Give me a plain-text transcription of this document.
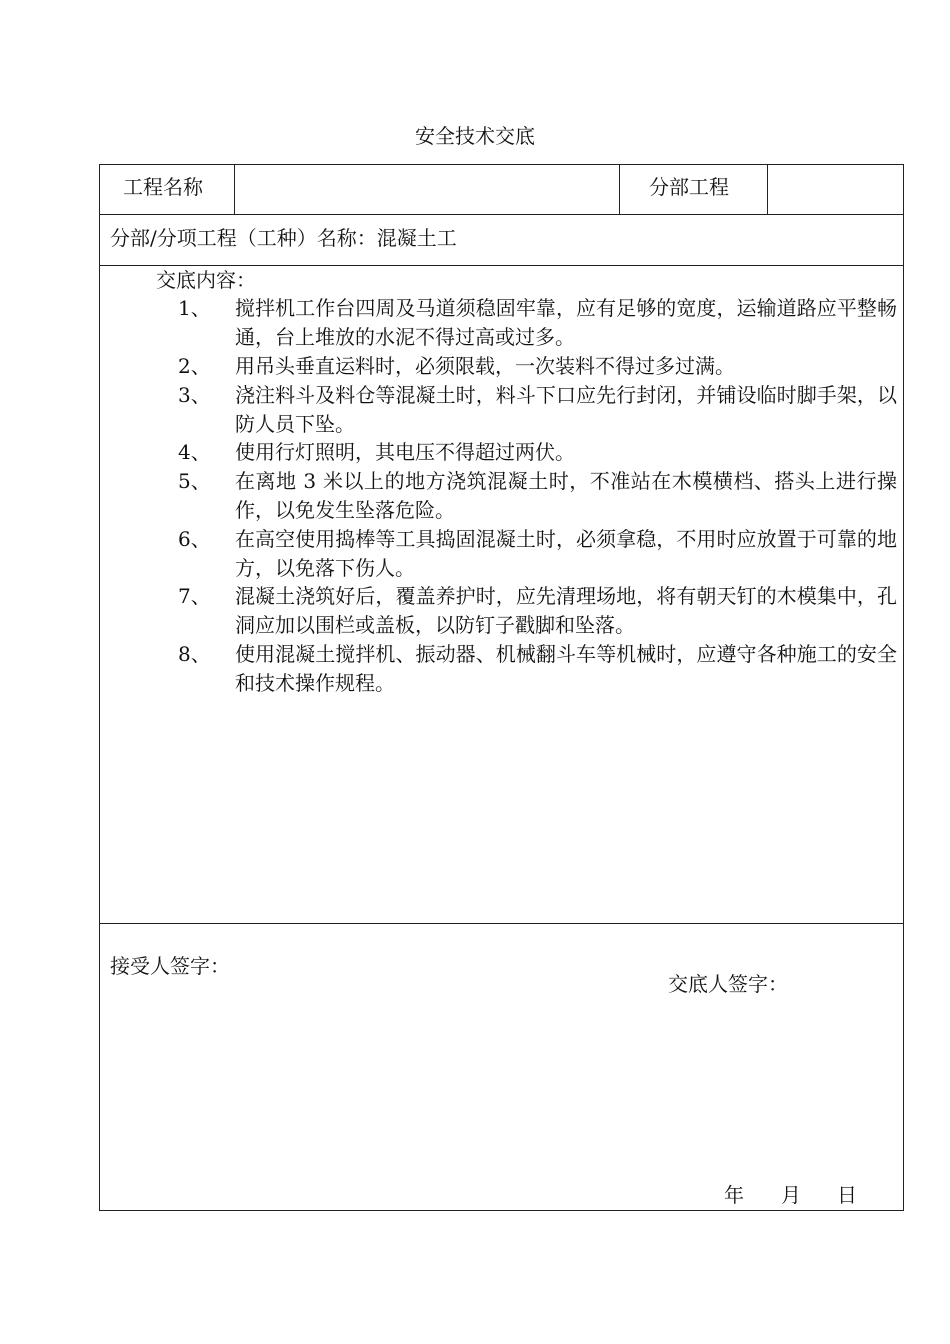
安全技术交底
工程名称	分部工程
分部/分项工程（工种）名称：混凝土工
交底内容：
1、 搅拌机工作台四周及马道须稳固牢靠，应有足够的宽度，运输道路应平整畅通，台上堆放的水泥不得过高或过多。
2、 用吊头垂直运料时，必须限载，一次装料不得过多过满。
3、 浇注料斗及料仓等混凝土时，料斗下口应先行封闭，并铺设临时脚手架，以防人员下坠。
4、 使用行灯照明，其电压不得超过两伏。
5、 在离地 3 米以上的地方浇筑混凝土时，不准站在木模横档、搭头上进行操作，以免发生坠落危险。
6、 在高空使用捣棒等工具捣固混凝土时，必须拿稳，不用时应放置于可靠的地方，以免落下伤人。
7、 混凝土浇筑好后，覆盖养护时，应先清理场地，将有朝天钉的木模集中，孔洞应加以围栏或盖板，以防钉子戳脚和坠落。
8、 使用混凝土搅拌机、振动器、机械翻斗车等机械时，应遵守各种施工的安全和技术操作规程。
交底人签字：
接受人签字：
年 月 日
